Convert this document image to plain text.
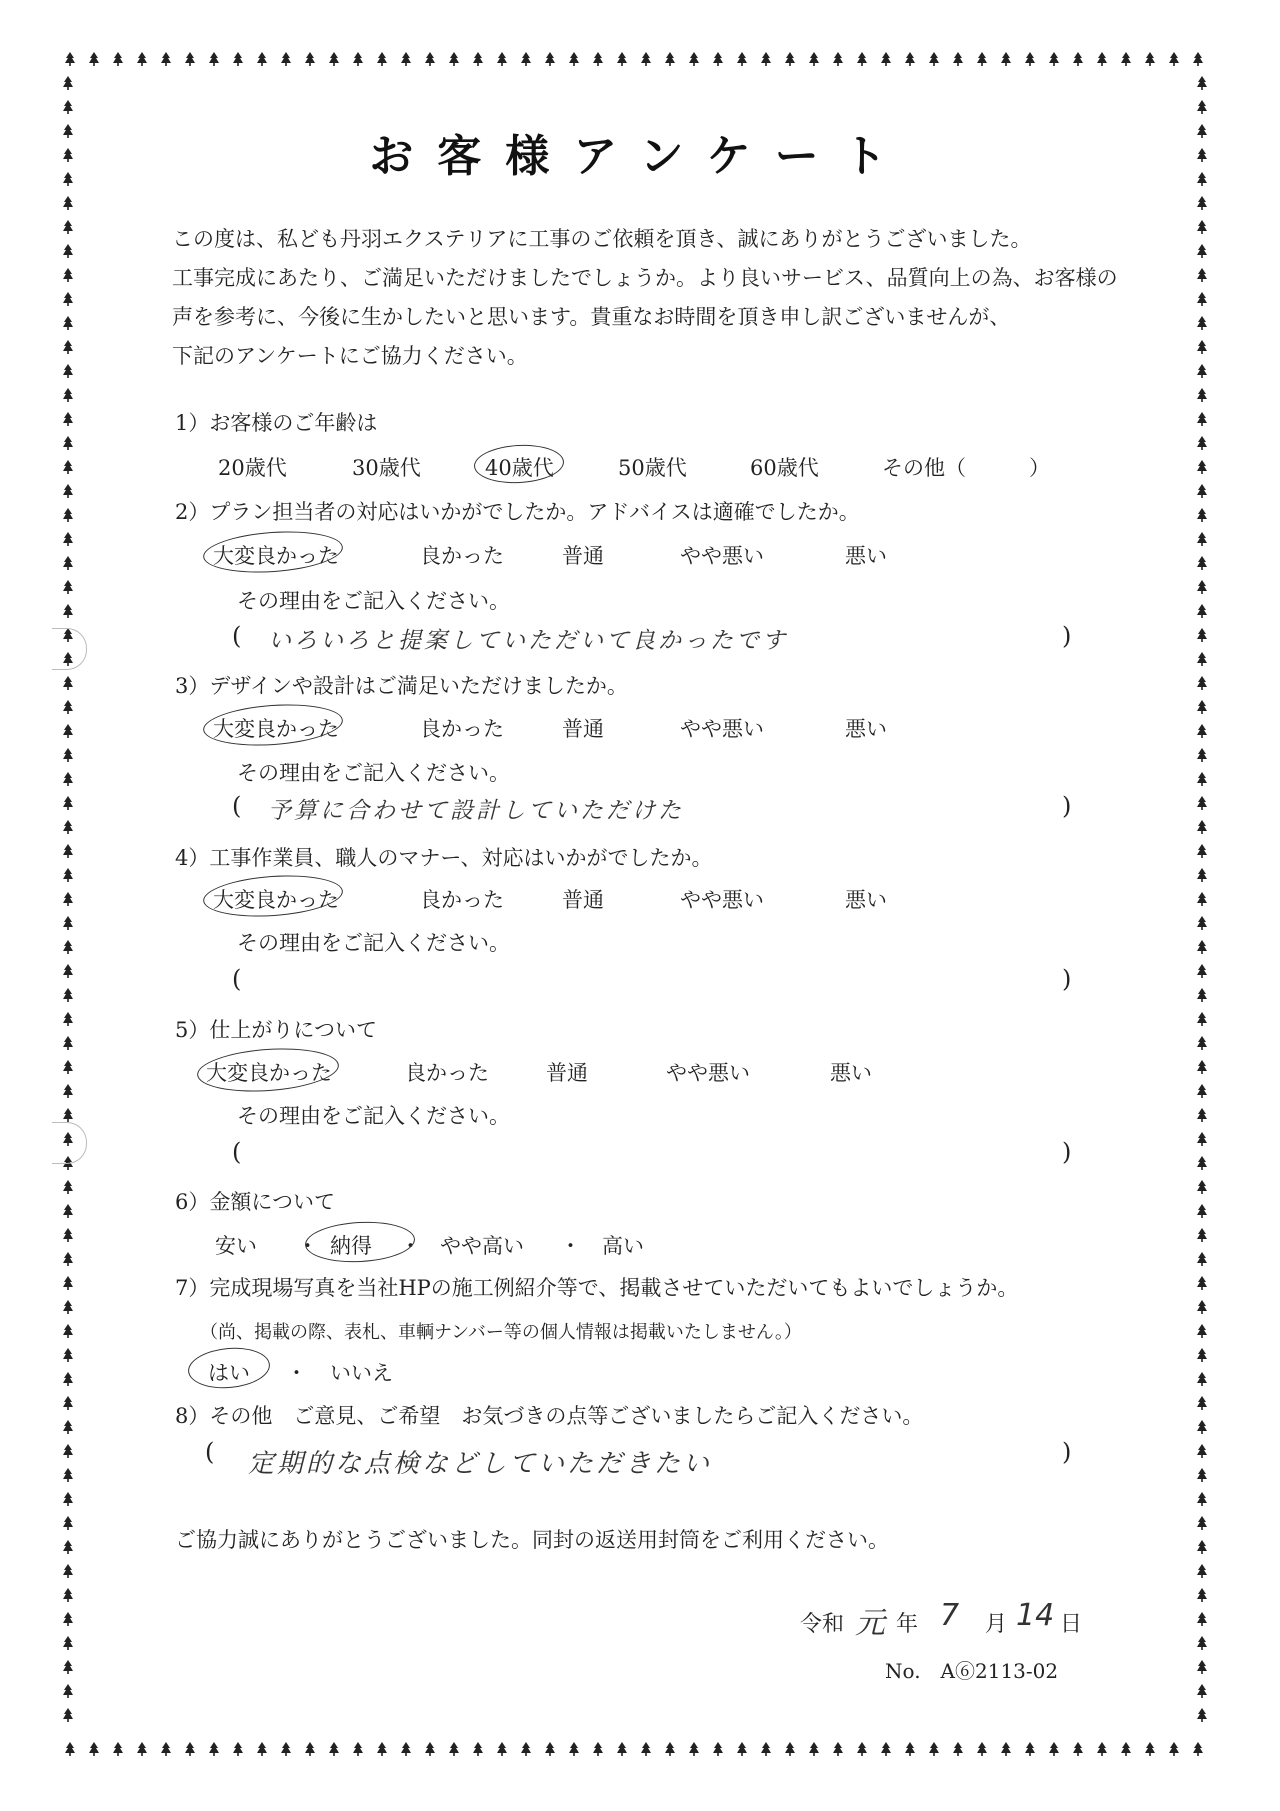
お客様アンケート
この度は、私ども丹羽エクステリアに工事のご依頼を頂き、誠にありがとうございました。
工事完成にあたり、ご満足いただけましたでしょうか。より良いサービス、品質向上の為、お客様の
声を参考に、今後に生かしたいと思います。貴重なお時間を頂き申し訳ございませんが、
下記のアンケートにご協力ください。
1）お客様のご年齢は
20歳代	30歳代	40歳代	50歳代	60歳代	その他（　　　）
2）プラン担当者の対応はいかがでしたか。アドバイスは適確でしたか。
大変良かった	良かった	普通	やや悪い	悪い
その理由をご記入ください。
( いろいろと提案していただいて良かったです	)
3）デザインや設計はご満足いただけましたか。
大変良かった	良かった	普通	やや悪い	悪い
その理由をご記入ください。
( 予算に合わせて設計していただけた	)
4）工事作業員、職人のマナー、対応はいかがでしたか。
大変良かった	良かった	普通	やや悪い	悪い
その理由をご記入ください。
(	)
5）仕上がりについて
大変良かった	良かった	普通	やや悪い	悪い
その理由をご記入ください。
(	)
6）金額について
安い ・ 納得 ・ やや高い ・ 高い
7）完成現場写真を当社HPの施工例紹介等で、掲載させていただいてもよいでしょうか。
（尚、掲載の際、表札、車輌ナンバー等の個人情報は掲載いたしません。）
はい ・ いいえ
8）その他　ご意見、ご希望　お気づきの点等ございましたらご記入ください。
( 定期的な点検などしていただきたい	)
ご協力誠にありがとうございました。同封の返送用封筒をご利用ください。
令和 元 年 7 月 14 日
No.　A⑥2113-02
